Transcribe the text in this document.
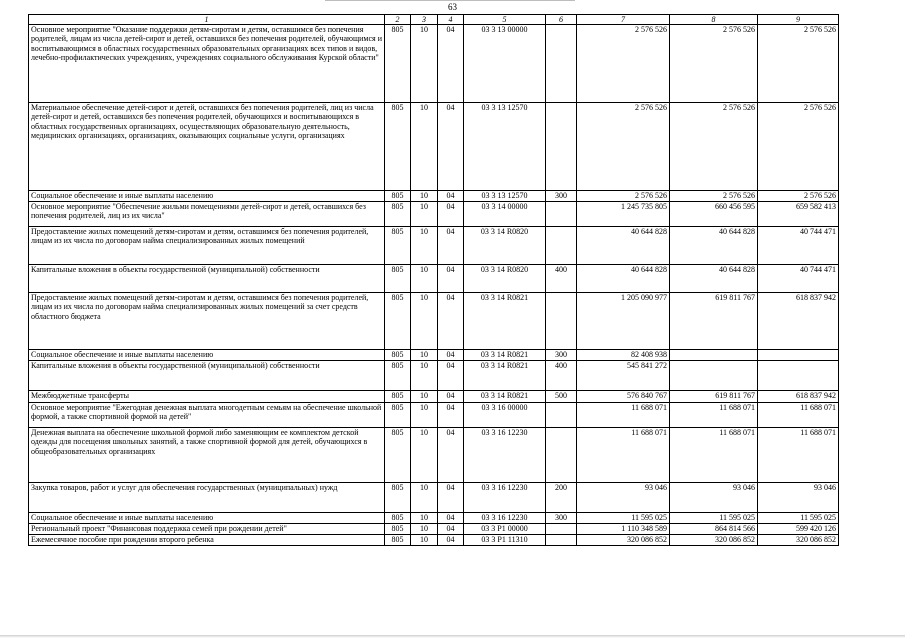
63
1	2	3	4	5	6	7	8	9
Основное мероприятие "Оказание поддержки детям-сиротам и детям, оставшимся без попечения родителей, лицам из числа детей-сирот и детей, оставшихся без попечения родителей, обучающимся и воспитывающимся в областных государственных образовательных организациях всех типов и видов, лечебно-профилактических учреждениях, учреждениях социального обслуживания Курской области"	805	10	04	03 3 13 00000		2 576 526	2 576 526	2 576 526
Материальное обеспечение детей-сирот и детей, оставшихся без попечения родителей, лиц из числа детей-сирот и детей, оставшихся без попечения родителей, обучающихся и воспитывающихся в областных государственных организациях, осуществляющих образовательную деятельность, медицинских организациях, организациях, оказывающих социальные услуги, организациях	805	10	04	03 3 13 12570		2 576 526	2 576 526	2 576 526
Социальное обеспечение и иные выплаты населению	805	10	04	03 3 13 12570	300	2 576 526	2 576 526	2 576 526
Основное мероприятие "Обеспечение жильми помещениями детей-сирот и детей, оставшихся без попечения родителей, лиц из их числа"	805	10	04	03 3 14 00000		1 245 735 805	660 456 595	659 582 413
Предоставление жилых помещений детям-сиротам и детям, оставшимся без попечения родителей, лицам из их числа по договорам найма специализированных жилых помещений	805	10	04	03 3 14 R0820		40 644 828	40 644 828	40 744 471
Капитальные вложения в объекты государственной (муниципальной) собственности	805	10	04	03 3 14 R0820	400	40 644 828	40 644 828	40 744 471
Предоставление жилых помещений детям-сиротам и детям, оставшимся без попечения родителей, лицам из их числа по договорам найма специализированных жилых помещений за счет средств областного бюджета	805	10	04	03 3 14 R0821		1 205 090 977	619 811 767	618 837 942
Социальное обеспечение и иные выплаты населению	805	10	04	03 3 14 R0821	300	82 408 938		
Капитальные вложения в объекты государственной (муниципальной) собственности	805	10	04	03 3 14 R0821	400	545 841 272		
Межбюджетные трансферты	805	10	04	03 3 14 R0821	500	576 840 767	619 811 767	618 837 942
Основное мероприятие "Ежегодная денежная выплата многодетным семьям на обеспечение школьной формой, а также спортивной формой на детей"	805	10	04	03 3 16 00000		11 688 071	11 688 071	11 688 071
Денежная выплата на обеспечение школьной формой либо заменяющим ее комплектом детской одежды для посещения школьных занятий, а также спортивной формой для детей, обучающихся в общеобразовательных организациях	805	10	04	03 3 16 12230		11 688 071	11 688 071	11 688 071
Закупка товаров, работ и услуг для обеспечения государственных (муниципальных) нужд	805	10	04	03 3 16 12230	200	93 046	93 046	93 046
Социальное обеспечение и иные выплаты населению	805	10	04	03 3 16 12230	300	11 595 025	11 595 025	11 595 025
Региональный проект "Финансовая поддержка семей при рождении детей"	805	10	04	03 3 P1 00000		1 110 348 589	864 814 566	599 420 126
Ежемесячное пособие при рождении второго ребенка	805	10	04	03 3 P1 11310		320 086 852	320 086 852	320 086 852
